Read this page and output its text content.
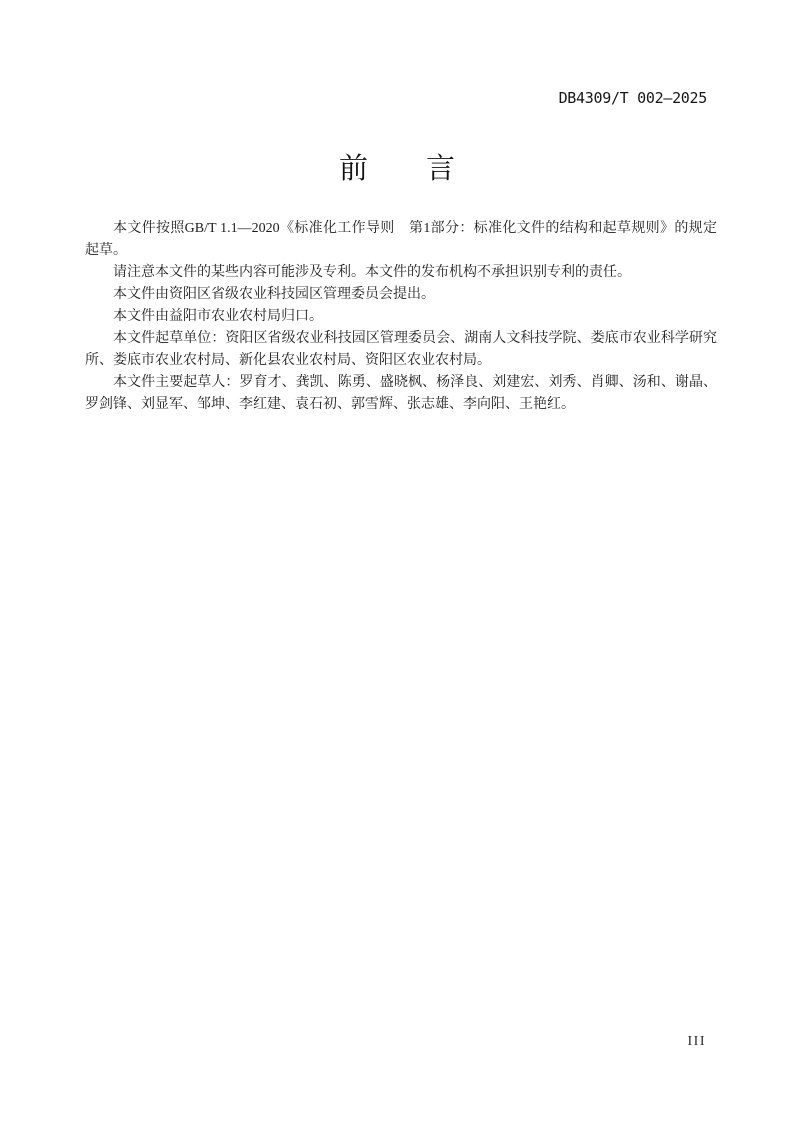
DB4309/T 002—2025
前　　言

本文件按照GB/T 1.1—2020《标准化工作导则　第1部分：标准化文件的结构和起草规则》的规定起草。

请注意本文件的某些内容可能涉及专利。本文件的发布机构不承担识别专利的责任。

本文件由资阳区省级农业科技园区管理委员会提出。

本文件由益阳市农业农村局归口。

本文件起草单位：资阳区省级农业科技园区管理委员会、湖南人文科技学院、娄底市农业科学研究所、娄底市农业农村局、新化县农业农村局、资阳区农业农村局。

本文件主要起草人：罗育才、龚凯、陈勇、盛晓枫、杨泽良、刘建宏、刘秀、肖卿、汤和、谢晶、罗剑锋、刘显军、邹坤、李红建、袁石初、郭雪辉、张志雄、李向阳、王艳红。

III
